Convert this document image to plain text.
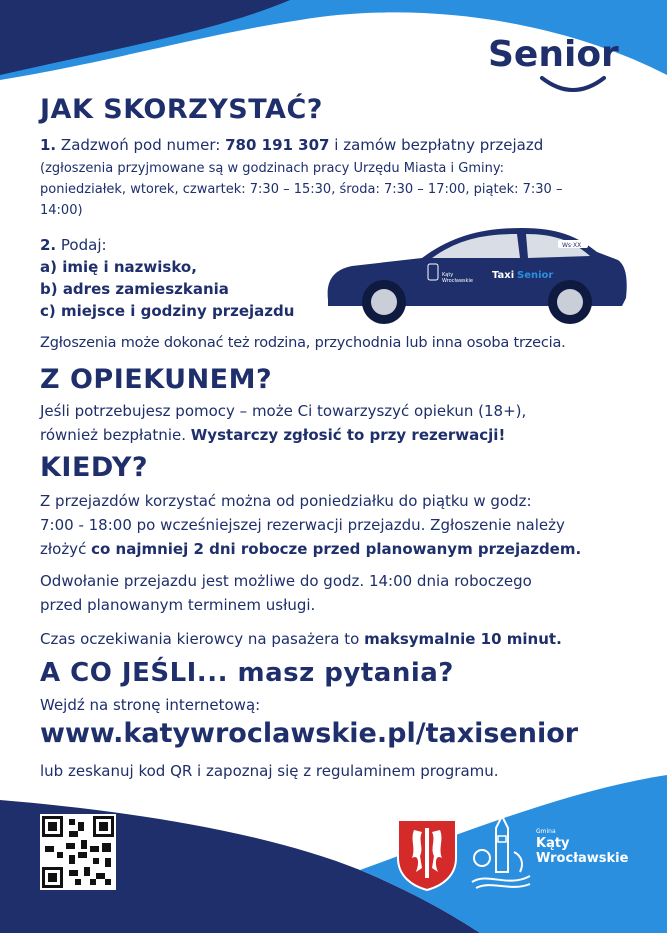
Taxi Senior
JAK SKORZYSTAĆ?

1. Zadzwoń pod numer: 780 191 307 i zamów bezpłatny przejazd

(zgłoszenia przyjmowane są w godzinach pracy Urzędu Miasta i Gminy:

poniedziałek, wtorek, czwartek: 7:30 – 15:30, środa: 7:30 – 17:00, piątek: 7:30 –

14:00)

2. Podaj:

a) imię i nazwisko,

b) adres zamieszkania

c) miejsce i godziny przejazdu

Ws·XX
Taxi Senior
Kąty
Wrocławskie

Zgłoszenia może dokonać też rodzina, przychodnia lub inna osoba trzecia.

Z OPIEKUNEM?

Jeśli potrzebujesz pomocy – może Ci towarzyszyć opiekun (18+),

również bezpłatnie. Wystarczy zgłosić to przy rezerwacji!

KIEDY?

Z przejazdów korzystać można od poniedziałku do piątku w godz:

7:00 - 18:00 po wcześniejszej rezerwacji przejazdu. Zgłoszenie należy

złożyć co najmniej 2 dni robocze przed planowanym przejazdem.

Odwołanie przejazdu jest możliwe do godz. 14:00 dnia roboczego

przed planowanym terminem usługi.

Czas oczekiwania kierowcy na pasażera to maksymalnie 10 minut.

A CO JEŚLI... masz pytania?

Wejdź na stronę internetową:

www.katywroclawskie.pl/taxisenior

lub zeskanuj kod QR i zapoznaj się z regulaminem programu.

Gmina
Kąty
Wrocławskie
